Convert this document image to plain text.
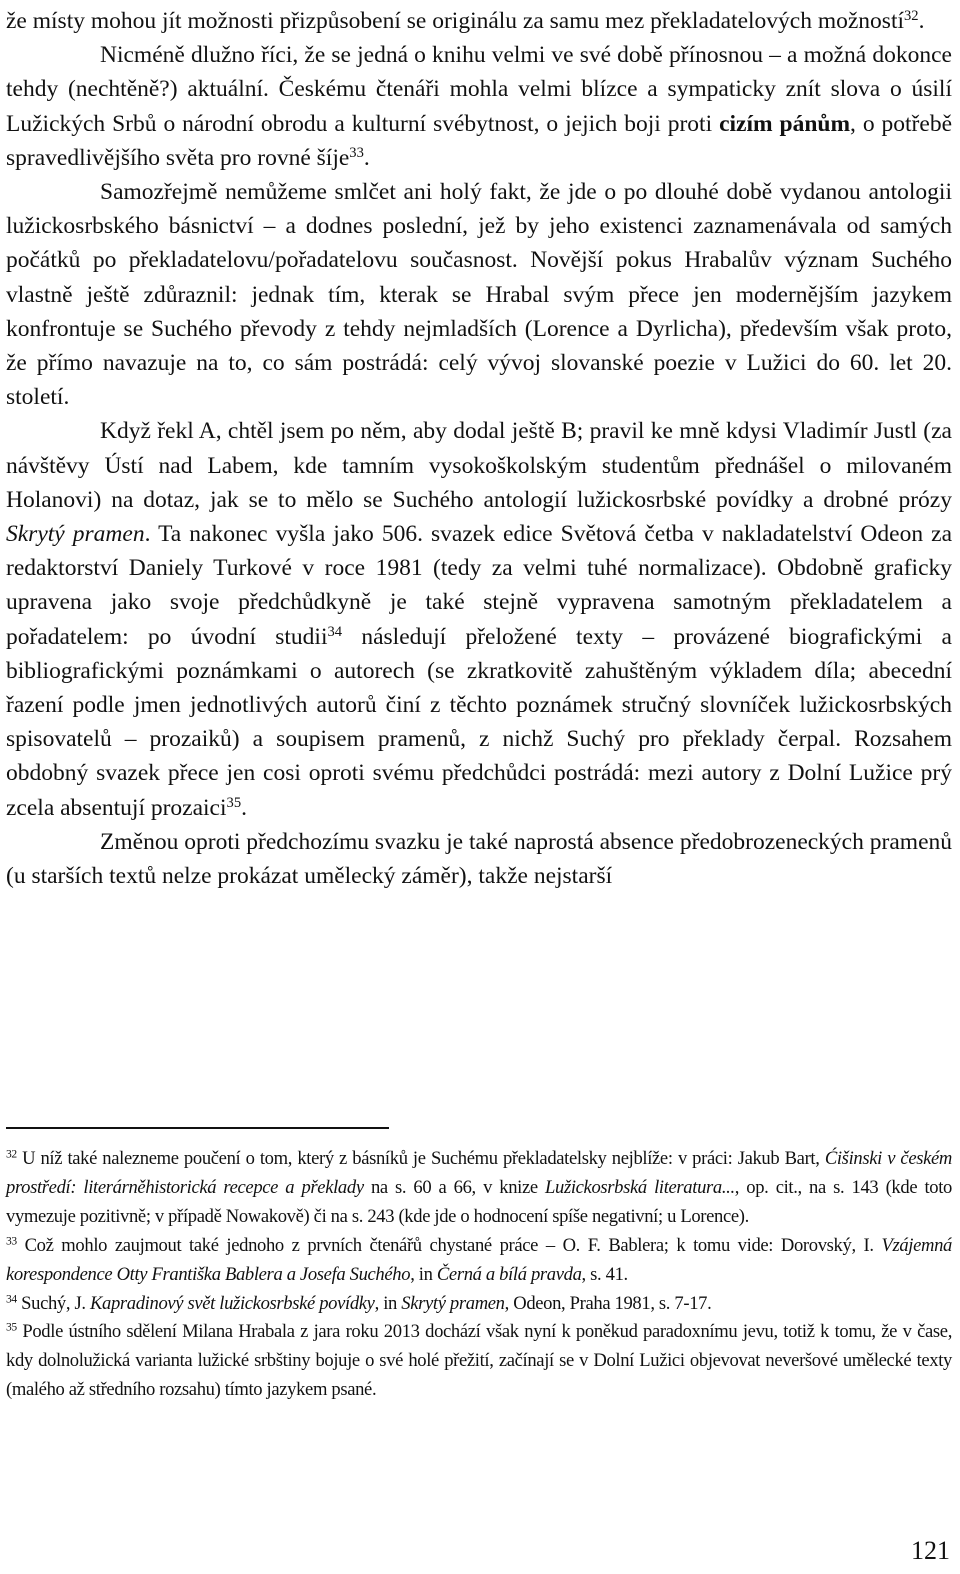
že místy mohou jít možnosti přizpůsobení se originálu za samu mez překladatelových možností$^{32}$.

Nicméně dlužno říci, že se jedná o knihu velmi ve své době přínosnou – a možná dokonce tehdy (nechtěně?) aktuální. Českému čtenáři mohla velmi blízce a sympaticky znít slova o úsilí Lužických Srbů o národní obrodu a kulturní svébytnost, o jejich boji proti cizím pánům, o potřebě spravedlivějšího světa pro rovné šíje$^{33}$.

Samozřejmě nemůžeme smlčet ani holý fakt, že jde o po dlouhé době vydanou antologii lužickosrbského básnictví – a dodnes poslední, jež by jeho existenci zaznamenávala od samých počátků po překladatelovu/pořadatelovu současnost. Novější pokus Hrabalův význam Suchého vlastně ještě zdůraznil: jednak tím, kterak se Hrabal svým přece jen modernějším jazykem konfrontuje se Suchého převody z tehdy nejmladších (Lorence a Dyrlicha), především však proto, že přímo navazuje na to, co sám postrádá: celý vývoj slovanské poezie v Lužici do 60. let 20. století.

Když řekl A, chtěl jsem po něm, aby dodal ještě B; pravil ke mně kdysi Vladimír Justl (za návštěvy Ústí nad Labem, kde tamním vysokoškolským studentům přednášel o milovaném Holanovi) na dotaz, jak se to mělo se Suchého antologií lužickosrbské povídky a drobné prózy Skrytý pramen. Ta nakonec vyšla jako 506. svazek edice Světová četba v nakladatelství Odeon za redaktorství Daniely Turkové v roce 1981 (tedy za velmi tuhé normalizace). Obdobně graficky upravena jako svoje předchůdkyně je také stejně vypravena samotným překladatelem a pořadatelem: po úvodní studii$^{34}$ následují přeložené texty – provázené biografickými a bibliografickými poznámkami o autorech (se zkratkovitě zahuštěným výkladem díla; abecední řazení podle jmen jednotlivých autorů činí z těchto poznámek stručný slovníček lužickosrbských spisovatelů – prozaiků) a soupisem pramenů, z nichž Suchý pro překlady čerpal. Rozsahem obdobný svazek přece jen cosi oproti svému předchůdci postrádá: mezi autory z Dolní Lužice prý zcela absentují prozaici$^{35}$.

Změnou oproti předchozímu svazku je také naprostá absence předobrozeneckých pramenů (u starších textů nelze prokázat umělecký záměr), takže nejstarší

$^{32}$ U níž také nalezneme poučení o tom, který z básníků je Suchému překladatelsky nejblíže: v práci: Jakub Bart, Ćišinski v českém prostředí: literárněhistorická recepce a překlady na s. 60 a 66, v knize Lužickosrbská literatura..., op. cit., na s. 143 (kde toto vymezuje pozitivně; v případě Nowakově) či na s. 243 (kde jde o hodnocení spíše negativní; u Lorence).

$^{33}$ Což mohlo zaujmout také jednoho z prvních čtenářů chystané práce – O. F. Bablera; k tomu vide: Dorovský, I. Vzájemná korespondence Otty Františka Bablera a Josefa Suchého, in Černá a bílá pravda, s. 41.

$^{34}$ Suchý, J. Kapradinový svět lužickosrbské povídky, in Skrytý pramen, Odeon, Praha 1981, s. 7-17.

$^{35}$ Podle ústního sdělení Milana Hrabala z jara roku 2013 dochází však nyní k poněkud paradoxnímu jevu, totiž k tomu, že v čase, kdy dolnolužická varianta lužické srbštiny bojuje o své holé přežití, začínají se v Dolní Lužici objevovat neveršové umělecké texty (malého až středního rozsahu) tímto jazykem psané.

121
